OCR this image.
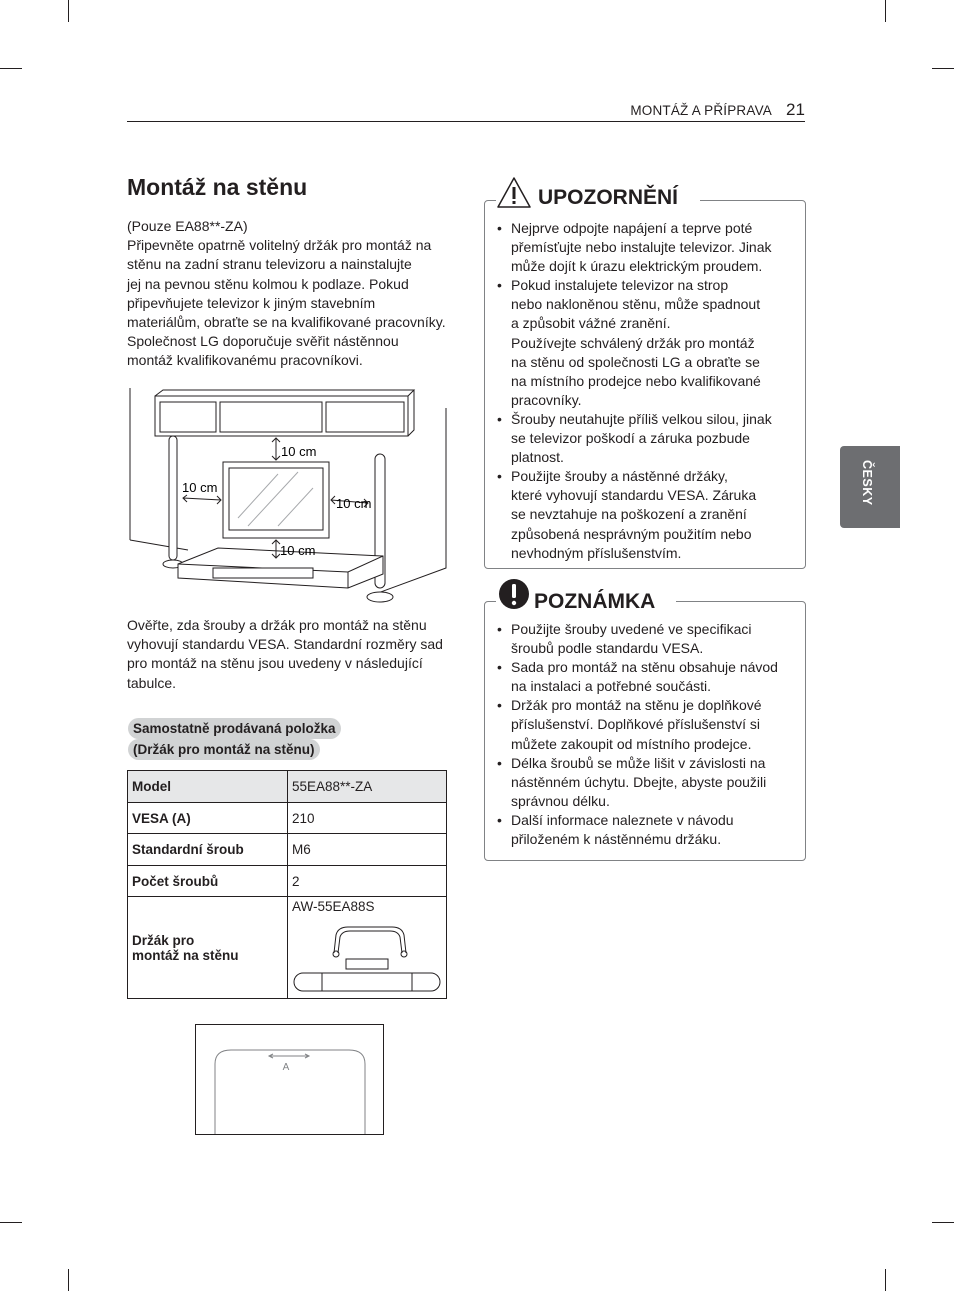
MONTÁŽ A PŘÍPRAVA 21
ČESKY
Montáž na stěnu
(Pouze EA88**-ZA)
Připevněte opatrně volitelný držák pro montáž na
stěnu na zadní stranu televizoru a nainstalujte
jej na pevnou stěnu kolmou k podlaze. Pokud
připevňujete televizor k jiným stavebním
materiálům, obraťte se na kvalifikované pracovníky.
Společnost LG doporučuje svěřit nástěnnou
montáž kvalifikovanému pracovníkovi.
10 cm
10 cm
10 cm
10 cm
Ověřte, zda šrouby a držák pro montáž na stěnu
vyhovují standardu VESA. Standardní rozměry sad
pro montáž na stěnu jsou uvedeny v následující
tabulce.
Samostatně prodávaná položka
(Držák pro montáž na stěnu)
Model	55EA88**-ZA
VESA (A)	210
Standardní šroub	M6
Počet šroubů	2

Držák pro
montáž na stěnu	AW-55EA88S
A
UPOZORNĚNÍ
• Nejprve odpojte napájení a teprve poté
přemísťujte nebo instalujte televizor. Jinak
může dojít k úrazu elektrickým proudem.
• Pokud instalujete televizor na strop
nebo nakloněnou stěnu, může spadnout
a způsobit vážné zranění.
Používejte schválený držák pro montáž
na stěnu od společnosti LG a obraťte se
na místního prodejce nebo kvalifikované
pracovníky.
• Šrouby neutahujte příliš velkou silou, jinak
se televizor poškodí a záruka pozbude
platnost.
• Použijte šrouby a nástěnné držáky,
které vyhovují standardu VESA. Záruka
se nevztahuje na poškození a zranění
způsobená nesprávným použitím nebo
nevhodným příslušenstvím.
POZNÁMKA
• Použijte šrouby uvedené ve specifikaci
šroubů podle standardu VESA.
• Sada pro montáž na stěnu obsahuje návod
na instalaci a potřebné součásti.
• Držák pro montáž na stěnu je doplňkové
příslušenství. Doplňkové příslušenství si
můžete zakoupit od místního prodejce.
• Délka šroubů se může lišit v závislosti na
nástěnném úchytu. Dbejte, abyste použili
správnou délku.
• Další informace naleznete v návodu
přiloženém k nástěnnému držáku.
